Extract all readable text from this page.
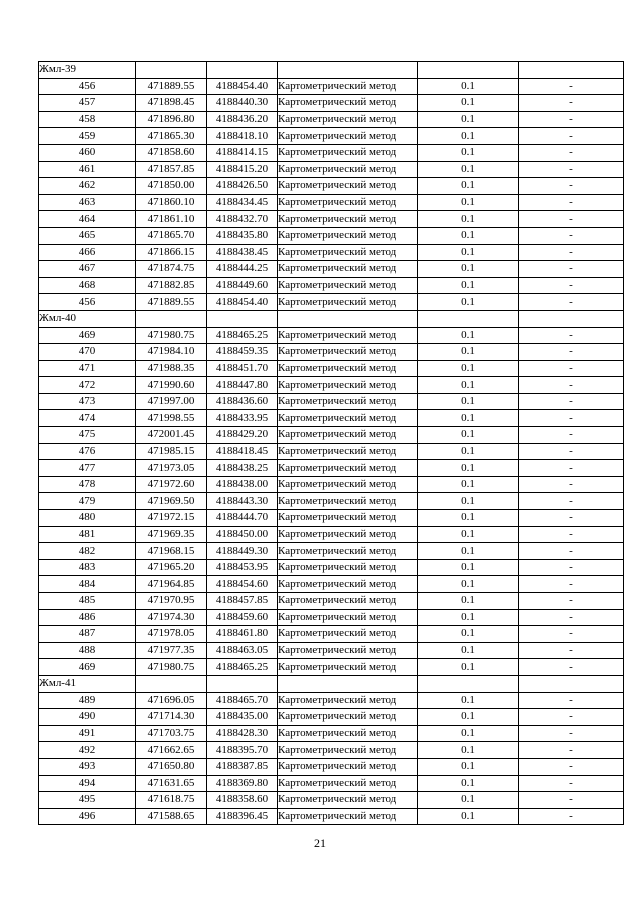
Жмл-39					
456	471889.55	4188454.40	Картометрический метод	0.1	-
457	471898.45	4188440.30	Картометрический метод	0.1	-
458	471896.80	4188436.20	Картометрический метод	0.1	-
459	471865.30	4188418.10	Картометрический метод	0.1	-
460	471858.60	4188414.15	Картометрический метод	0.1	-
461	471857.85	4188415.20	Картометрический метод	0.1	-
462	471850.00	4188426.50	Картометрический метод	0.1	-
463	471860.10	4188434.45	Картометрический метод	0.1	-
464	471861.10	4188432.70	Картометрический метод	0.1	-
465	471865.70	4188435.80	Картометрический метод	0.1	-
466	471866.15	4188438.45	Картометрический метод	0.1	-
467	471874.75	4188444.25	Картометрический метод	0.1	-
468	471882.85	4188449.60	Картометрический метод	0.1	-
456	471889.55	4188454.40	Картометрический метод	0.1	-
Жмл-40					
469	471980.75	4188465.25	Картометрический метод	0.1	-
470	471984.10	4188459.35	Картометрический метод	0.1	-
471	471988.35	4188451.70	Картометрический метод	0.1	-
472	471990.60	4188447.80	Картометрический метод	0.1	-
473	471997.00	4188436.60	Картометрический метод	0.1	-
474	471998.55	4188433.95	Картометрический метод	0.1	-
475	472001.45	4188429.20	Картометрический метод	0.1	-
476	471985.15	4188418.45	Картометрический метод	0.1	-
477	471973.05	4188438.25	Картометрический метод	0.1	-
478	471972.60	4188438.00	Картометрический метод	0.1	-
479	471969.50	4188443.30	Картометрический метод	0.1	-
480	471972.15	4188444.70	Картометрический метод	0.1	-
481	471969.35	4188450.00	Картометрический метод	0.1	-
482	471968.15	4188449.30	Картометрический метод	0.1	-
483	471965.20	4188453.95	Картометрический метод	0.1	-
484	471964.85	4188454.60	Картометрический метод	0.1	-
485	471970.95	4188457.85	Картометрический метод	0.1	-
486	471974.30	4188459.60	Картометрический метод	0.1	-
487	471978.05	4188461.80	Картометрический метод	0.1	-
488	471977.35	4188463.05	Картометрический метод	0.1	-
469	471980.75	4188465.25	Картометрический метод	0.1	-
Жмл-41					
489	471696.05	4188465.70	Картометрический метод	0.1	-
490	471714.30	4188435.00	Картометрический метод	0.1	-
491	471703.75	4188428.30	Картометрический метод	0.1	-
492	471662.65	4188395.70	Картометрический метод	0.1	-
493	471650.80	4188387.85	Картометрический метод	0.1	-
494	471631.65	4188369.80	Картометрический метод	0.1	-
495	471618.75	4188358.60	Картометрический метод	0.1	-
496	471588.65	4188396.45	Картометрический метод	0.1	-
21
